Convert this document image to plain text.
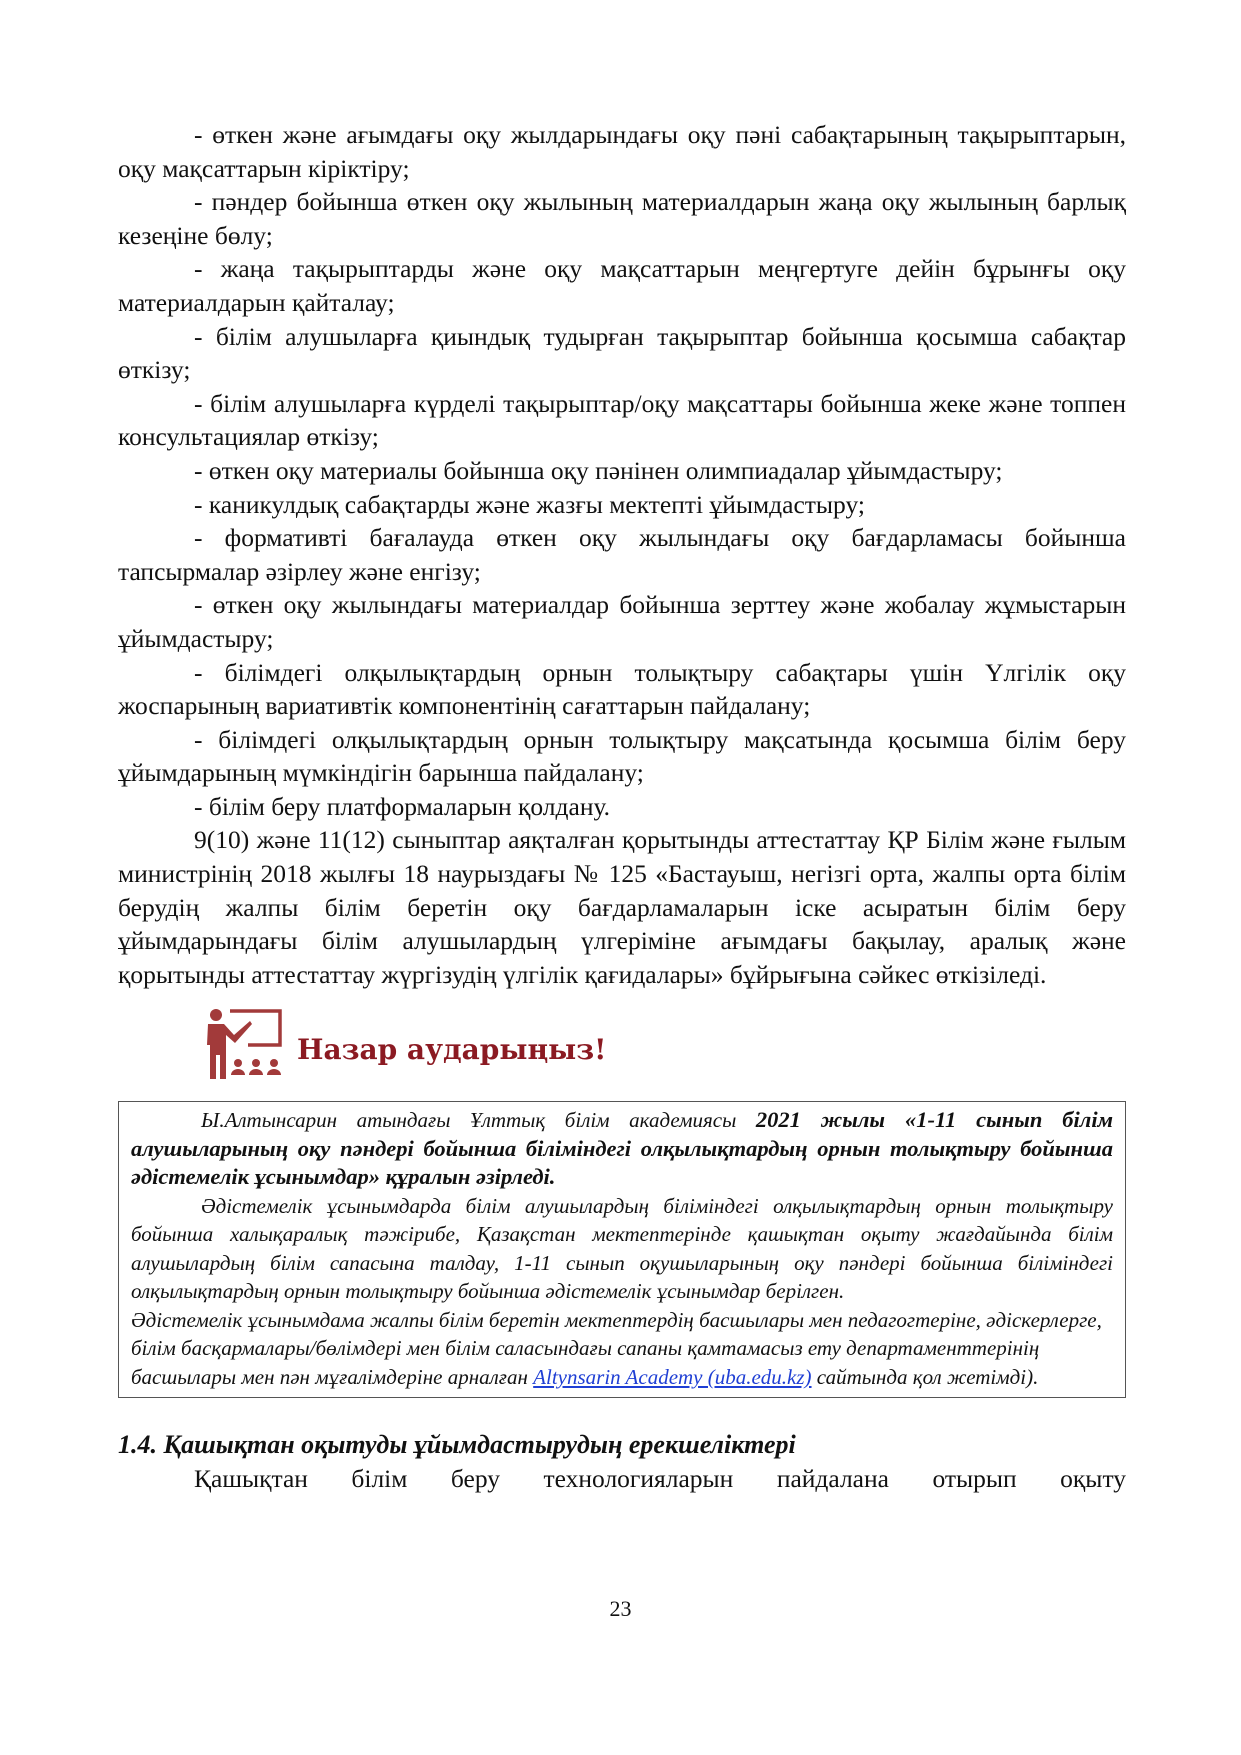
- өткен және ағымдағы оқу жылдарындағы оқу пәні сабақтарының тақырыптарын, оқу мақсаттарын кіріктіру;

- пәндер бойынша өткен оқу жылының материалдарын жаңа оқу жылының барлық кезеңіне бөлу;

- жаңа тақырыптарды және оқу мақсаттарын меңгертуге дейін бұрынғы оқу материалдарын қайталау;

- білім алушыларға қиындық тудырған тақырыптар бойынша қосымша сабақтар өткізу;

- білім алушыларға күрделі тақырыптар/оқу мақсаттары бойынша жеке және топпен консультациялар өткізу;

- өткен оқу материалы бойынша оқу пәнінен олимпиадалар ұйымдастыру;

- каникулдық сабақтарды және жазғы мектепті ұйымдастыру;

- формативті бағалауда өткен оқу жылындағы оқу бағдарламасы бойынша тапсырмалар әзірлеу және енгізу;

- өткен оқу жылындағы материалдар бойынша зерттеу және жобалау жұмыстарын ұйымдастыру;

- білімдегі олқылықтардың орнын толықтыру сабақтары үшін Үлгілік оқу жоспарының вариативтік компонентінің сағаттарын пайдалану;

- білімдегі олқылықтардың орнын толықтыру мақсатында қосымша білім беру ұйымдарының мүмкіндігін барынша пайдалану;

- білім беру платформаларын қолдану.

9(10) және 11(12) сыныптар аяқталған қорытынды аттестаттау ҚР Білім және ғылым министрінің 2018 жылғы 18 наурыздағы № 125 «Бастауыш, негізгі орта, жалпы орта білім берудің жалпы білім беретін оқу бағдарламаларын іске асыратын білім беру ұйымдарындағы білім алушылардың үлгеріміне ағымдағы бақылау, аралық және қорытынды аттестаттау жүргізудің үлгілік қағидалары» бұйрығына сәйкес өткізіледі.

Назар аударыңыз!

Ы.Алтынсарин атындағы Ұлттық білім академиясы 2021 жылы «1-11 сынып білім алушыларының оқу пәндері бойынша біліміндегі олқылықтардың орнын толықтыру бойынша әдістемелік ұсынымдар» құралын әзірледі.

Әдістемелік ұсынымдарда білім алушылардың біліміндегі олқылықтардың орнын толықтыру бойынша халықаралық тәжірибе, Қазақстан мектептерінде қашықтан оқыту жағдайында білім алушылардың білім сапасына талдау, 1-11 сынып оқушыларының оқу пәндері бойынша біліміндегі олқылықтардың орнын толықтыру бойынша әдістемелік ұсынымдар берілген.

Әдістемелік ұсынымдама жалпы білім беретін мектептердің басшылары мен педагогтеріне, әдіскерлерге, білім басқармалары/бөлімдері мен білім саласындағы сапаны қамтамасыз ету департаменттерінің басшылары мен пән мұғалімдеріне арналған Altynsarin Academy (uba.edu.kz) сайтында қол жетімді).

1.4. Қашықтан оқытуды ұйымдастырудың ерекшеліктері

Қашықтан білім беру технологияларын пайдалана отырып оқыту

23
